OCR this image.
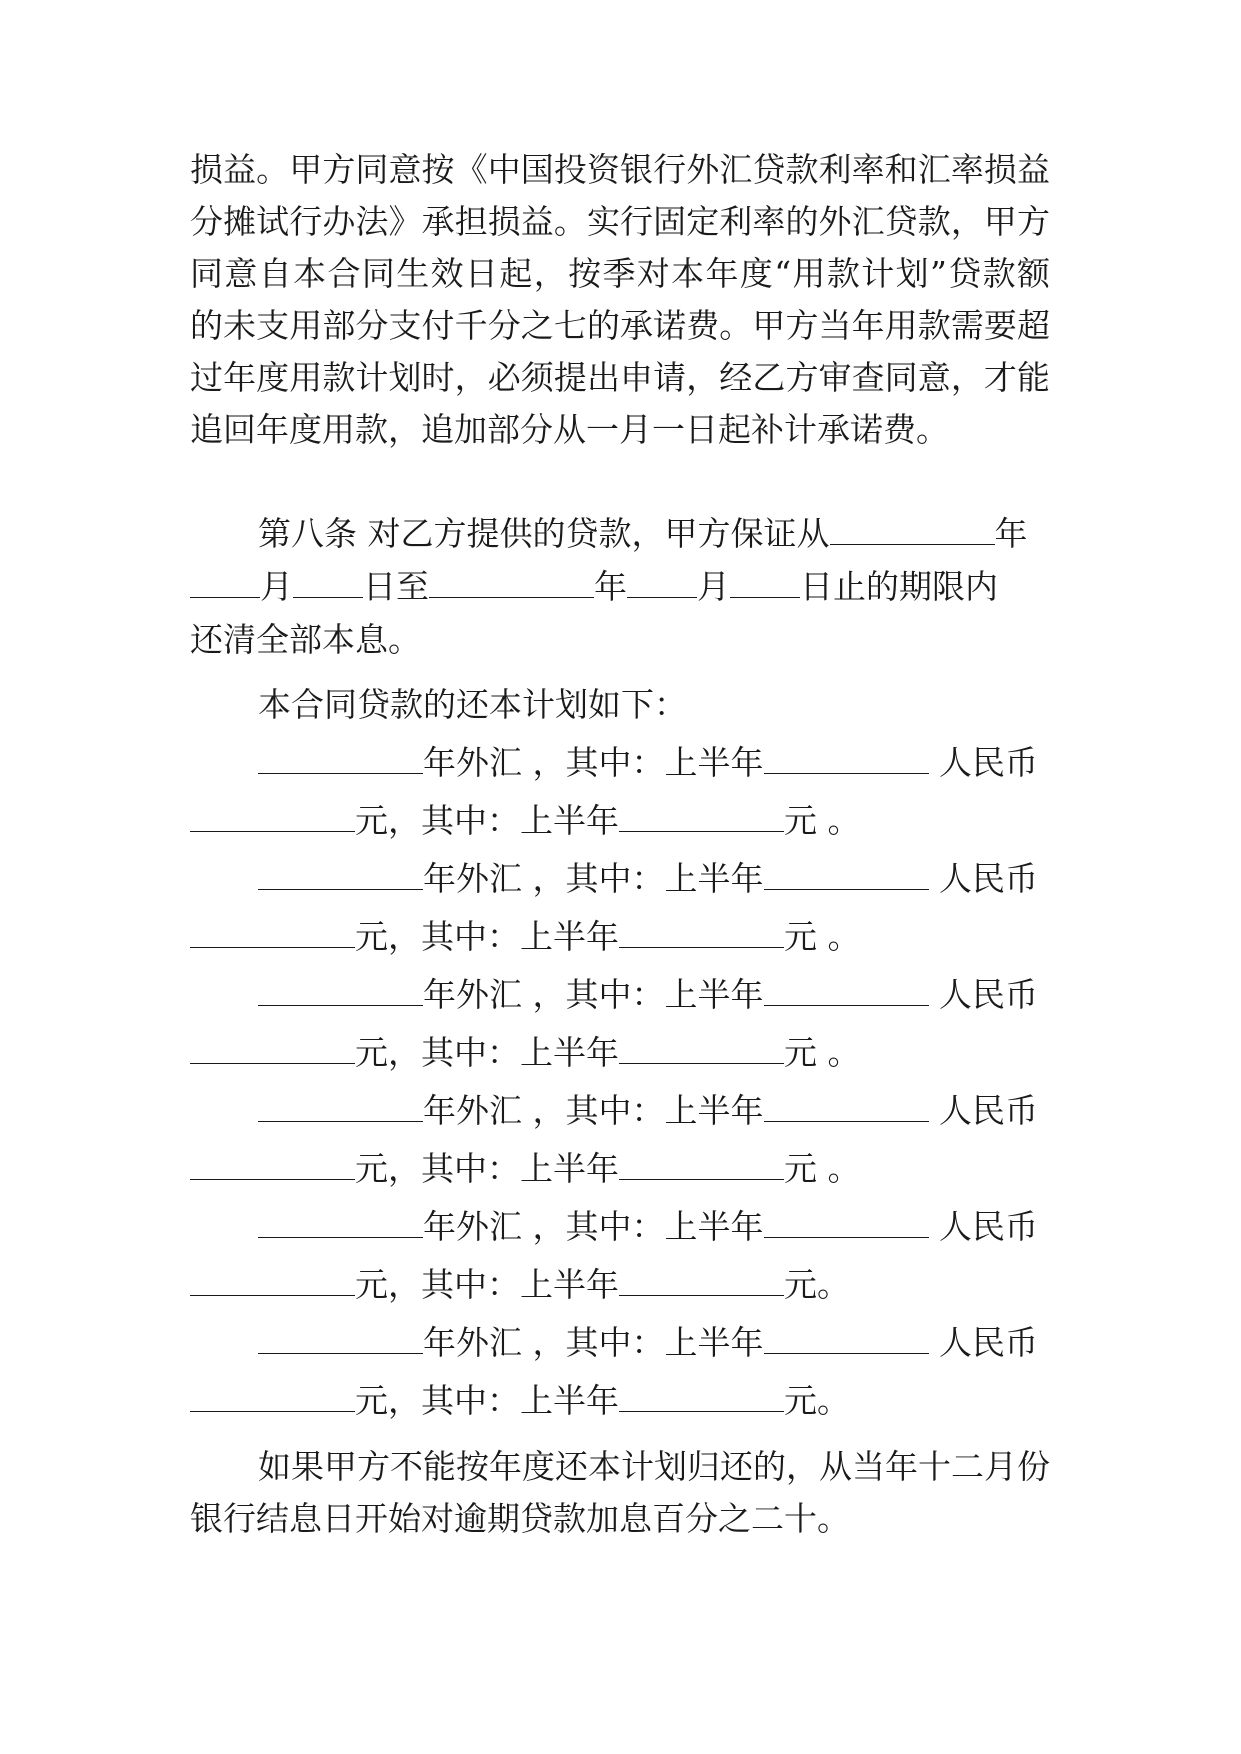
损益。甲方同意按《中国投资银行外汇贷款利率和汇率损益
分摊试行办法》承担损益。实行固定利率的外汇贷款，甲方
同意自本合同生效日起，按季对本年度“用款计划”贷款额
的未支用部分支付千分之七的承诺费。甲方当年用款需要超
过年度用款计划时，必须提出申请，经乙方审查同意，才能
追回年度用款，追加部分从一月一日起补计承诺费。
第八条 对乙方提供的贷款，甲方保证从	年
月 日至	年 月 日止的期限内
还清全部本息。
本合同贷款的还本计划如下：
年外汇 ，其中：上半年	人民币
元，其中：上半年	元 。
年外汇 ，其中：上半年	人民币
元，其中：上半年	元 。
年外汇 ，其中：上半年	人民币
元，其中：上半年	元 。
年外汇 ，其中：上半年	人民币
元，其中：上半年	元 。
年外汇 ，其中：上半年	人民币
元，其中：上半年	元。
年外汇 ，其中：上半年	人民币
元，其中：上半年	元。
如果甲方不能按年度还本计划归还的，从当年十二月份
银行结息日开始对逾期贷款加息百分之二十。
